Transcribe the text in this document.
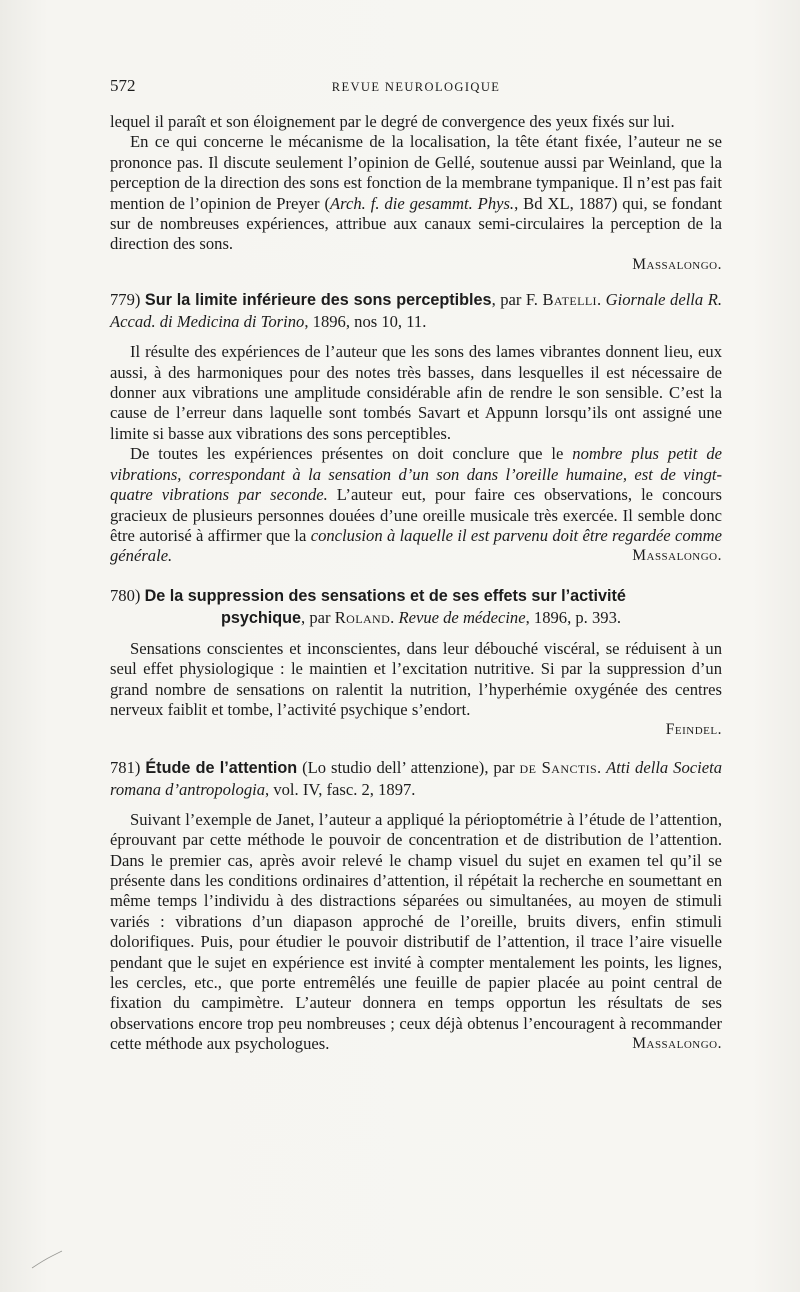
572	REVUE NEUROLOGIQUE

lequel il paraît et son éloignement par le degré de convergence des yeux fixés sur lui.

En ce qui concerne le mécanisme de la localisation, la tête étant fixée, l’auteur ne se prononce pas. Il discute seulement l’opinion de Gellé, soutenue aussi par Weinland, que la perception de la direction des sons est fonction de la membrane tympanique. Il n’est pas fait mention de l’opinion de Preyer (Arch. f. die gesammt. Phys., Bd XL, 1887) qui, se fondant sur de nombreuses expériences, attribue aux canaux semi-circulaires la perception de la direction des sons.

Massalongo.

779) Sur la limite inférieure des sons perceptibles, par F. Batelli. Giornale della R. Accad. di Medicina di Torino, 1896, nos 10, 11.

Il résulte des expériences de l’auteur que les sons des lames vibrantes donnent lieu, eux aussi, à des harmoniques pour des notes très basses, dans lesquelles il est nécessaire de donner aux vibrations une amplitude considérable afin de rendre le son sensible. C’est la cause de l’erreur dans laquelle sont tombés Savart et Appunn lorsqu’ils ont assigné une limite si basse aux vibrations des sons perceptibles.

De toutes les expériences présentes on doit conclure que le nombre plus petit de vibrations, correspondant à la sensation d’un son dans l’oreille humaine, est de vingt-quatre vibrations par seconde. L’auteur eut, pour faire ces observations, le concours gracieux de plusieurs personnes douées d’une oreille musicale très exercée. Il semble donc être autorisé à affirmer que la conclusion à laquelle il est parvenu doit être regardée comme générale.	Massalongo.

780) De la suppression des sensations et de ses effets sur l’activité
psychique, par Roland. Revue de médecine, 1896, p. 393.

Sensations conscientes et inconscientes, dans leur débouché viscéral, se réduisent à un seul effet physiologique : le maintien et l’excitation nutritive. Si par la suppression d’un grand nombre de sensations on ralentit la nutrition, l’hyperhémie oxygénée des centres nerveux faiblit et tombe, l’activité psychique s’endort.

Feindel.

781) Étude de l’attention (Lo studio dell’ attenzione), par de Sanctis. Atti della Societa romana d’antropologia, vol. IV, fasc. 2, 1897.

Suivant l’exemple de Janet, l’auteur a appliqué la périoptométrie à l’étude de l’attention, éprouvant par cette méthode le pouvoir de concentration et de distribution de l’attention. Dans le premier cas, après avoir relevé le champ visuel du sujet en examen tel qu’il se présente dans les conditions ordinaires d’attention, il répétait la recherche en soumettant en même temps l’individu à des distractions séparées ou simultanées, au moyen de stimuli variés : vibrations d’un diapason approché de l’oreille, bruits divers, enfin stimuli dolorifiques. Puis, pour étudier le pouvoir distributif de l’attention, il trace l’aire visuelle pendant que le sujet en expérience est invité à compter mentalement les points, les lignes, les cercles, etc., que porte entremêlés une feuille de papier placée au point central de fixation du campimètre. L’auteur donnera en temps opportun les résultats de ses observations encore trop peu nombreuses ; ceux déjà obtenus l’encouragent à recommander cette méthode aux psychologues.	Massalongo.
